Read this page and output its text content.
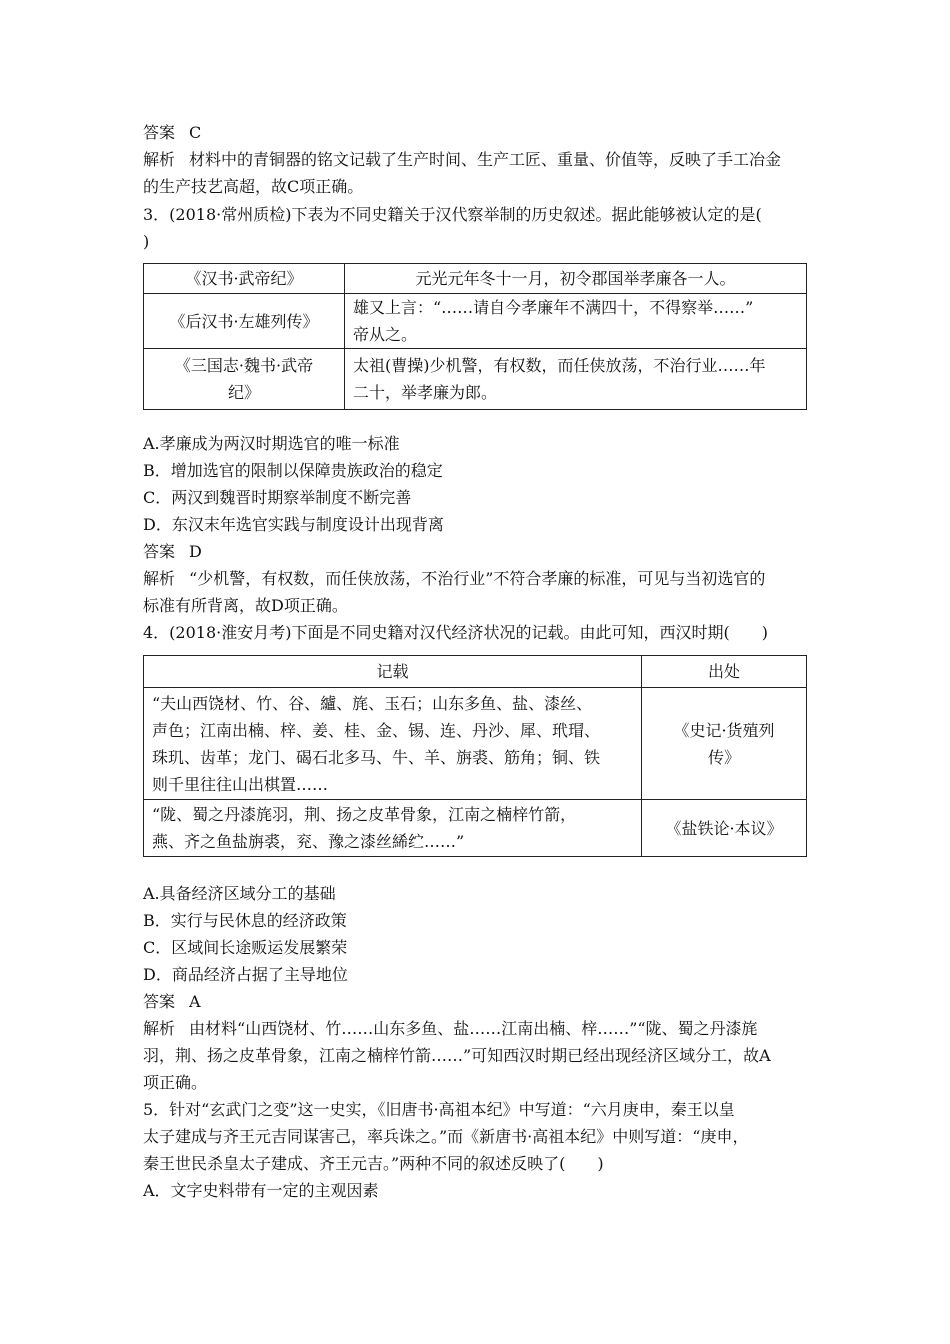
答案 C
解析 材料中的青铜器的铭文记载了生产时间、生产工匠、重量、价值等，反映了手工冶金
的生产技艺高超，故C项正确。
3．(2018·常州质检)下表为不同史籍关于汉代察举制的历史叙述。据此能够被认定的是(
)
《汉书·武帝纪》	元光元年冬十一月，初令郡国举孝廉各一人。

《后汉书·左雄列传》	雄又上言：“……请自今孝廉年不满四十，不得察举……”
帝从之。

《三国志·魏书·武帝
纪》	太祖(曹操)少机警，有权数，而任侠放荡，不治行业……年
二十，举孝廉为郎。
A.孝廉成为两汉时期选官的唯一标准
B．增加选官的限制以保障贵族政治的稳定
C．两汉到魏晋时期察举制度不断完善
D．东汉末年选官实践与制度设计出现背离
答案 D
解析 “少机警，有权数，而任侠放荡，不治行业”不符合孝廉的标准，可见与当初选官的
标准有所背离，故D项正确。
4．(2018·淮安月考)下面是不同史籍对汉代经济状况的记载。由此可知，西汉时期(　　)
记载	出处

“夫山西饶材、竹、谷、纑、旄、玉石；山东多鱼、盐、漆丝、
声色；江南出楠、梓、姜、桂、金、锡、连、丹沙、犀、玳瑁、
珠玑、齿革；龙门、碣石北多马、牛、羊、旃裘、筋角；铜、铁
则千里往往山出棋置……	《史记·货殖列
传》

“陇、蜀之丹漆旄羽，荆、扬之皮革骨象，江南之楠梓竹箭，
燕、齐之鱼盐旃裘，兖、豫之漆丝絺纻……”	《盐铁论·本议》
A.具备经济区域分工的基础
B．实行与民休息的经济政策
C．区域间长途贩运发展繁荣
D．商品经济占据了主导地位
答案 A
解析 由材料“山西饶材、竹……山东多鱼、盐……江南出楠、梓……”“陇、蜀之丹漆旄
羽，荆、扬之皮革骨象，江南之楠梓竹箭……”可知西汉时期已经出现经济区域分工，故A
项正确。
5．针对“玄武门之变”这一史实，《旧唐书·高祖本纪》中写道：“六月庚申，秦王以皇
太子建成与齐王元吉同谋害己，率兵诛之。”而《新唐书·高祖本纪》中则写道：“庚申，
秦王世民杀皇太子建成、齐王元吉。”两种不同的叙述反映了(　　)
A．文字史料带有一定的主观因素
